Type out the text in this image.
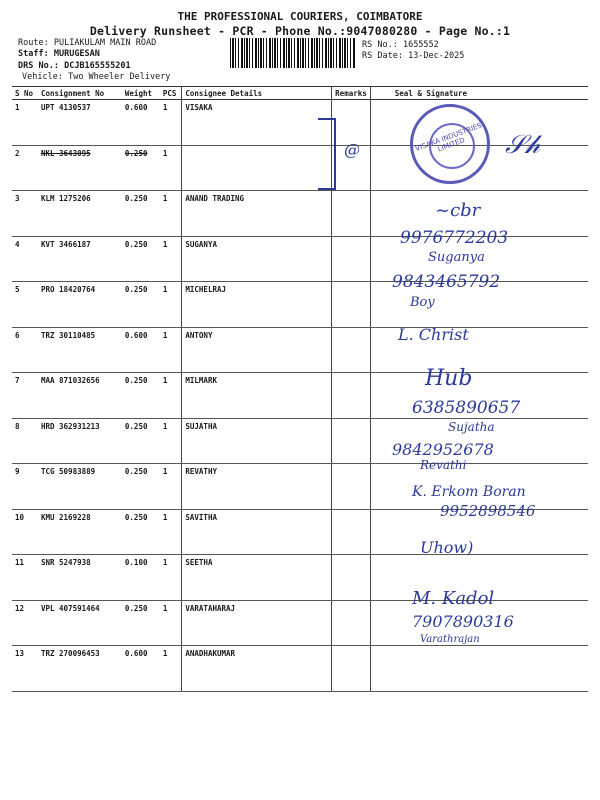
THE PROFESSIONAL COURIERS, COIMBATORE
Delivery Runsheet - PCR - Phone No.:9047080280 - Page No.:1
Route: PULIAKULAM MAIN ROAD
Staff: MURUGESAN
DRS No.: DCJB165555201
Vehicle: Two Wheeler Delivery
RS No.: 1655552
RS Date: 13-Dec-2025
S No	Consignment No	Weight	PCS	Consignee Details	Remarks	Seal & Signature
1	UPT 4130537	0.600	1	VISAKA		
2	NKL 3643095	0.250	1			
3	KLM 1275206	0.250	1	ANAND TRADING		
4	KVT 3466187	0.250	1	SUGANYA		
5	PRO 18420764	0.250	1	MICHELRAJ		
6	TRZ 30110485	0.600	1	ANTONY		
7	MAA 871032656	0.250	1	MILMARK		
8	HRD 362931213	0.250	1	SUJATHA		
9	TCG 50983889	0.250	1	REVATHY		
10	KMU 2169228	0.250	1	SAVITHA		
11	SNR 5247938	0.100	1	SEETHA		
12	VPL 407591464	0.250	1	VARATAHARAJ		
13	TRZ 270096453	0.600	1	ANADHAKUMAR		
VISAKA INDUSTRIES LIMITED
@	𝒮𝒽
~cbr
9976772203
Suganya
9843465792
Boy
L. Christ
Hub
6385890657
Sujatha
9842952678
Revathi
K. Erkom Boran
9952898546
Uhow)
M. Kadol
7907890316
Varathrajan
